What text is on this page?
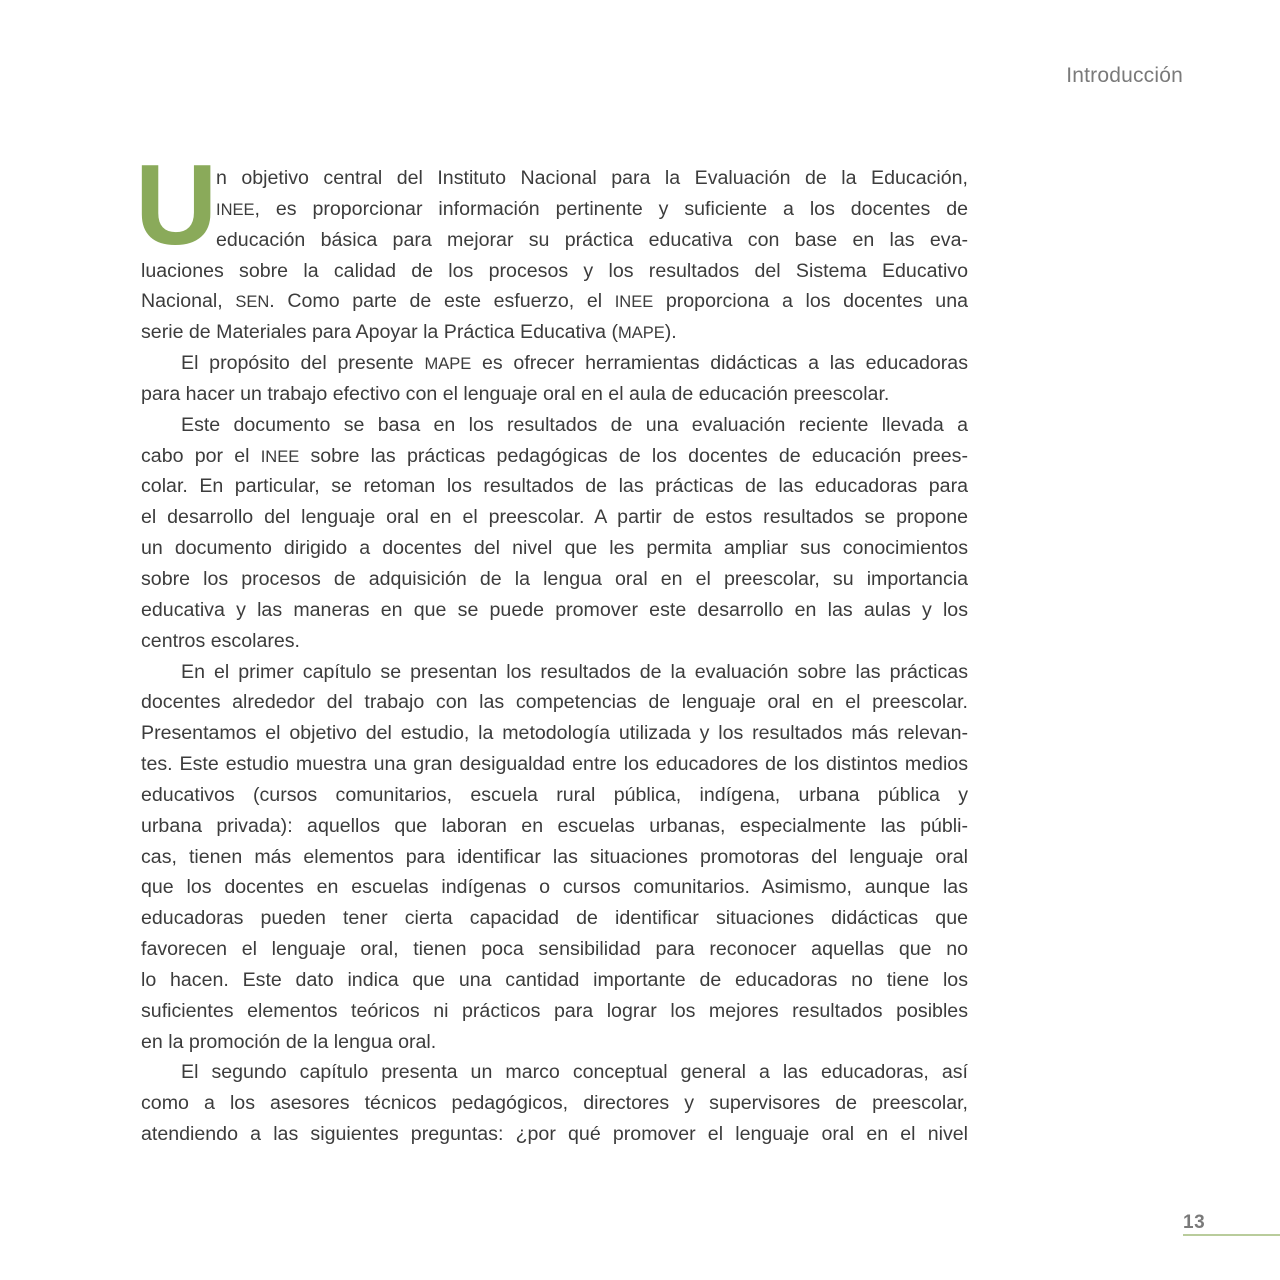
Introducción
U
n objetivo central del Instituto Nacional para la Evaluación de la Educación,
INEE, es proporcionar información pertinente y suficiente a los docentes de
educación básica para mejorar su práctica educativa con base en las eva-
luaciones sobre la calidad de los procesos y los resultados del Sistema Educativo
Nacional, SEN. Como parte de este esfuerzo, el INEE proporciona a los docentes una
serie de Materiales para Apoyar la Práctica Educativa (MAPE).
El propósito del presente MAPE es ofrecer herramientas didácticas a las educadoras
para hacer un trabajo efectivo con el lenguaje oral en el aula de educación preescolar.
Este documento se basa en los resultados de una evaluación reciente llevada a
cabo por el INEE sobre las prácticas pedagógicas de los docentes de educación prees-
colar. En particular, se retoman los resultados de las prácticas de las educadoras para
el desarrollo del lenguaje oral en el preescolar. A partir de estos resultados se propone
un documento dirigido a docentes del nivel que les permita ampliar sus conocimientos
sobre los procesos de adquisición de la lengua oral en el preescolar, su importancia
educativa y las maneras en que se puede promover este desarrollo en las aulas y los
centros escolares.
En el primer capítulo se presentan los resultados de la evaluación sobre las prácticas
docentes alrededor del trabajo con las competencias de lenguaje oral en el preescolar.
Presentamos el objetivo del estudio, la metodología utilizada y los resultados más relevan-
tes. Este estudio muestra una gran desigualdad entre los educadores de los distintos medios
educativos (cursos comunitarios, escuela rural pública, indígena, urbana pública y
urbana privada): aquellos que laboran en escuelas urbanas, especialmente las públi-
cas, tienen más elementos para identificar las situaciones promotoras del lenguaje oral
que los docentes en escuelas indígenas o cursos comunitarios. Asimismo, aunque las
educadoras pueden tener cierta capacidad de identificar situaciones didácticas que
favorecen el lenguaje oral, tienen poca sensibilidad para reconocer aquellas que no
lo hacen. Este dato indica que una cantidad importante de educadoras no tiene los
suficientes elementos teóricos ni prácticos para lograr los mejores resultados posibles
en la promoción de la lengua oral.
El segundo capítulo presenta un marco conceptual general a las educadoras, así
como a los asesores técnicos pedagógicos, directores y supervisores de preescolar,
atendiendo a las siguientes preguntas: ¿por qué promover el lenguaje oral en el nivel
13
